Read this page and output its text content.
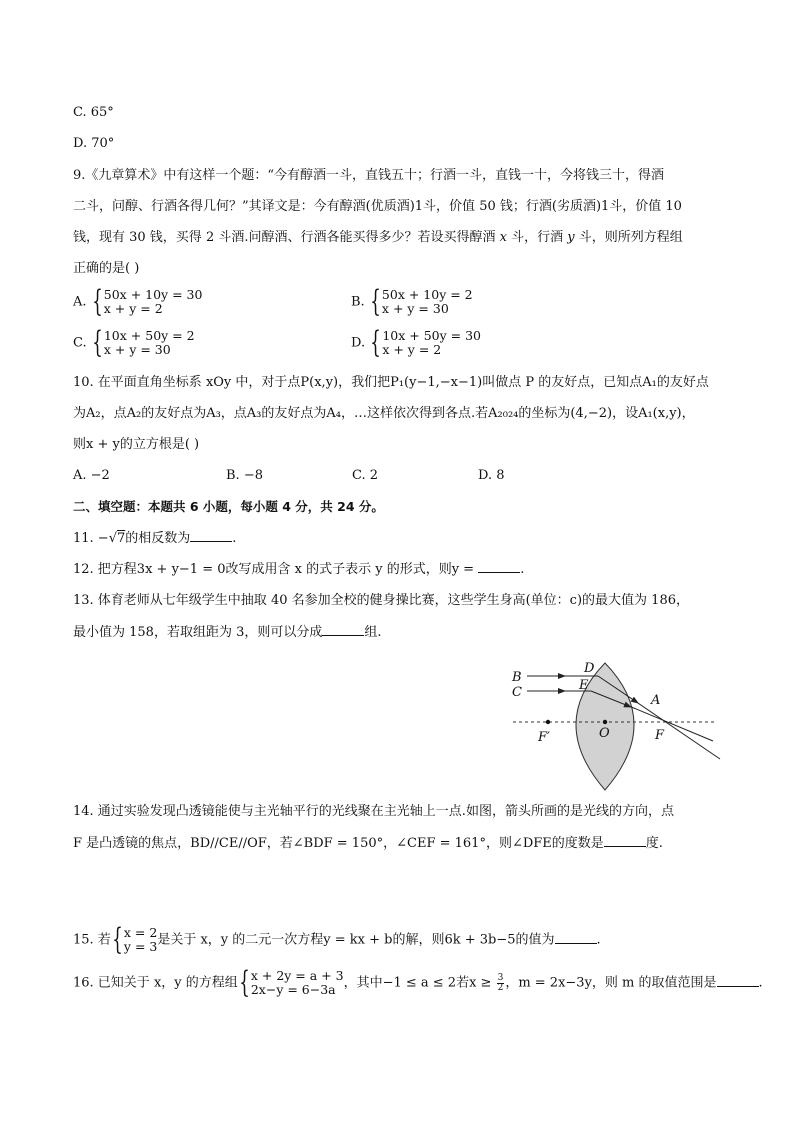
C. 65°
D. 70°
9.《九章算术》中有这样一个题：“今有醇酒一斗，直钱五十；行酒一斗，直钱一十，今将钱三十，得酒
二斗，问醇、行酒各得几何？”其译文是：今有醇酒(优质酒)1斗，价值 50 钱；行酒(劣质酒)1斗，价值 10
钱，现有 30 钱，买得 2 斗酒.问醇酒、行酒各能买得多少？若设买得醇酒 x 斗，行酒 y 斗，则所列方程组
正确的是( )
A. { 50x + 10y = 30
x + y = 2	B. { 50x + 10y = 2
x + y = 30
C. { 10x + 50y = 2
x + y = 30	D. { 10x + 50y = 30
x + y = 2
10. 在平面直角坐标系 xOy 中，对于点P(x,y)，我们把P₁(y−1,−x−1)叫做点 P 的友好点，已知点A₁的友好点
为A₂，点A₂的友好点为A₃，点A₃的友好点为A₄，…这样依次得到各点.若A₂₀₂₄的坐标为(4,−2)，设A₁(x,y)，
则x + y的立方根是( )
A. −2	B. −8	C. 2	D. 8
二、填空题：本题共 6 小题，每小题 4 分，共 24 分。
11. −√7的相反数为	.
12. 把方程3x + y−1 = 0改写成用含 x 的式子表示 y 的形式，则y =	.
13. 体育老师从七年级学生中抽取 40 名参加全校的健身操比赛，这些学生身高(单位：c)的最大值为 186，
最小值为 158，若取组距为 3，则可以分成	组.
B
C
D
E
A
F′	O	F
14. 通过实验发现凸透镜能使与主光轴平行的光线聚在主光轴上一点.如图，箭头所画的是光线的方向，点
F 是凸透镜的焦点，BD//CE//OF，若∠BDF = 150°，∠CEF = 161°，则∠DFE的度数是	度.
15. 若 { x = 2
y = 3 是关于 x，y 的二元一次方程y = kx + b的解，则6k + 3b−5的值为	.
16. 已知关于 x，y 的方程组 { x + 2y = a + 3
2x−y = 6−3a ，其中−1 ≤ a ≤ 2若$x \ge \frac{3}{2}$ ，m = 2x−3y，则 m 的取值范围是	.
